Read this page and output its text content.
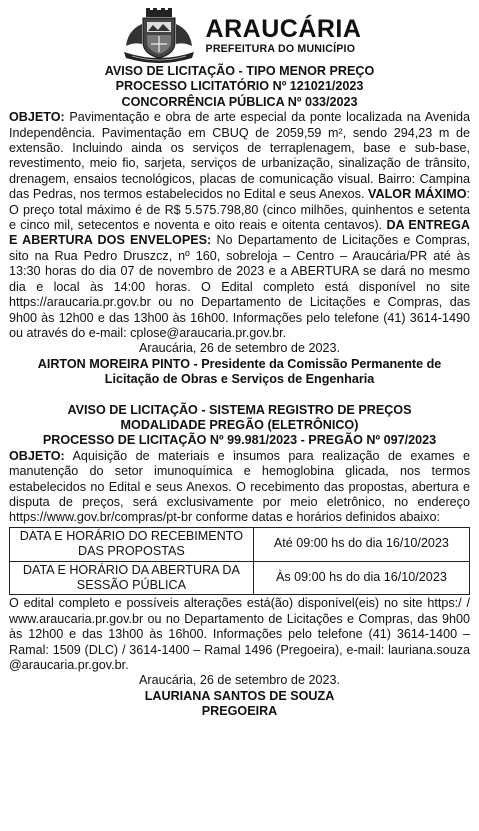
ARAUCÁRIA
PREFEITURA DO MUNICÍPIO
AVISO DE LICITAÇÃO - TIPO MENOR PREÇO
PROCESSO LICITATÓRIO Nº 121021/2023
CONCORRÊNCIA PÚBLICA Nº 033/2023
OBJETO: Pavimentação e obra de arte especial da ponte localizada na Avenida Independência. Pavimentação em CBUQ de 2059,59 m², sendo 294,23 m de extensão. Incluindo ainda os serviços de terraplenagem, base e sub-base, revestimento, meio fio, sarjeta, serviços de urbanização, sinalização de trânsito, drenagem, ensaios tecnológicos, placas de comunicação visual. Bairro: Campina das Pedras, nos termos estabelecidos no Edital e seus Anexos. VALOR MÁXIMO: O preço total máximo é de R$ 5.575.798,80 (cinco milhões, quinhentos e setenta e cinco mil, setecentos e noventa e oito reais e oitenta centavos). DA ENTREGA E ABERTURA DOS ENVELOPES: No Departamento de Licitações e Compras, sito na Rua Pedro Druszcz, nº 160, sobreloja – Centro – Araucária/PR até às 13:30 horas do dia 07 de novembro de 2023 e a ABERTURA se dará no mesmo dia e local às 14:00 horas. O Edital completo está disponível no site https://araucaria.pr.gov.br ou no Departamento de Licitações e Compras, das 9h00 às 12h00 e das 13h00 às 16h00. Informações pelo telefone (41) 3614-1490 ou através do e-mail: cplose@araucaria.pr.gov.br.
Araucária, 26 de setembro de 2023.
AIRTON MOREIRA PINTO - Presidente da Comissão Permanente de Licitação de Obras e Serviços de Engenharia
AVISO DE LICITAÇÃO - SISTEMA REGISTRO DE PREÇOS
MODALIDADE PREGÃO (ELETRÔNICO)
PROCESSO DE LICITAÇÃO Nº 99.981/2023 - PREGÃO Nº 097/2023
OBJETO: Aquisição de materiais e insumos para realização de exames e manutenção do setor imunoquímica e hemoglobina glicada, nos termos estabelecidos no Edital e seus Anexos. O recebimento das propostas, abertura e disputa de preços, será exclusivamente por meio eletrônico, no endereço https://www.gov.br/compras/pt-br conforme datas e horários definidos abaixo:
DATA E HORÁRIO DO RECEBIMENTO DAS PROPOSTAS	Até 09:00 hs do dia 16/10/2023
DATA E HORÁRIO DA ABERTURA DA SESSÃO PÚBLICA	Às 09:00 hs do dia 16/10/2023
O edital completo e possíveis alterações está(ão) disponível(eis) no site https:/ / www.araucaria.pr.gov.br ou no Departamento de Licitações e Compras, das 9h00 às 12h00 e das 13h00 às 16h00. Informações pelo telefone (41) 3614-1400 – Ramal: 1509 (DLC) / 3614-1400 – Ramal 1496 (Pregoeira), e-mail: lauriana.souza @araucaria.pr.gov.br.
Araucária, 26 de setembro de 2023.
LAURIANA SANTOS DE SOUZA
PREGOEIRA
